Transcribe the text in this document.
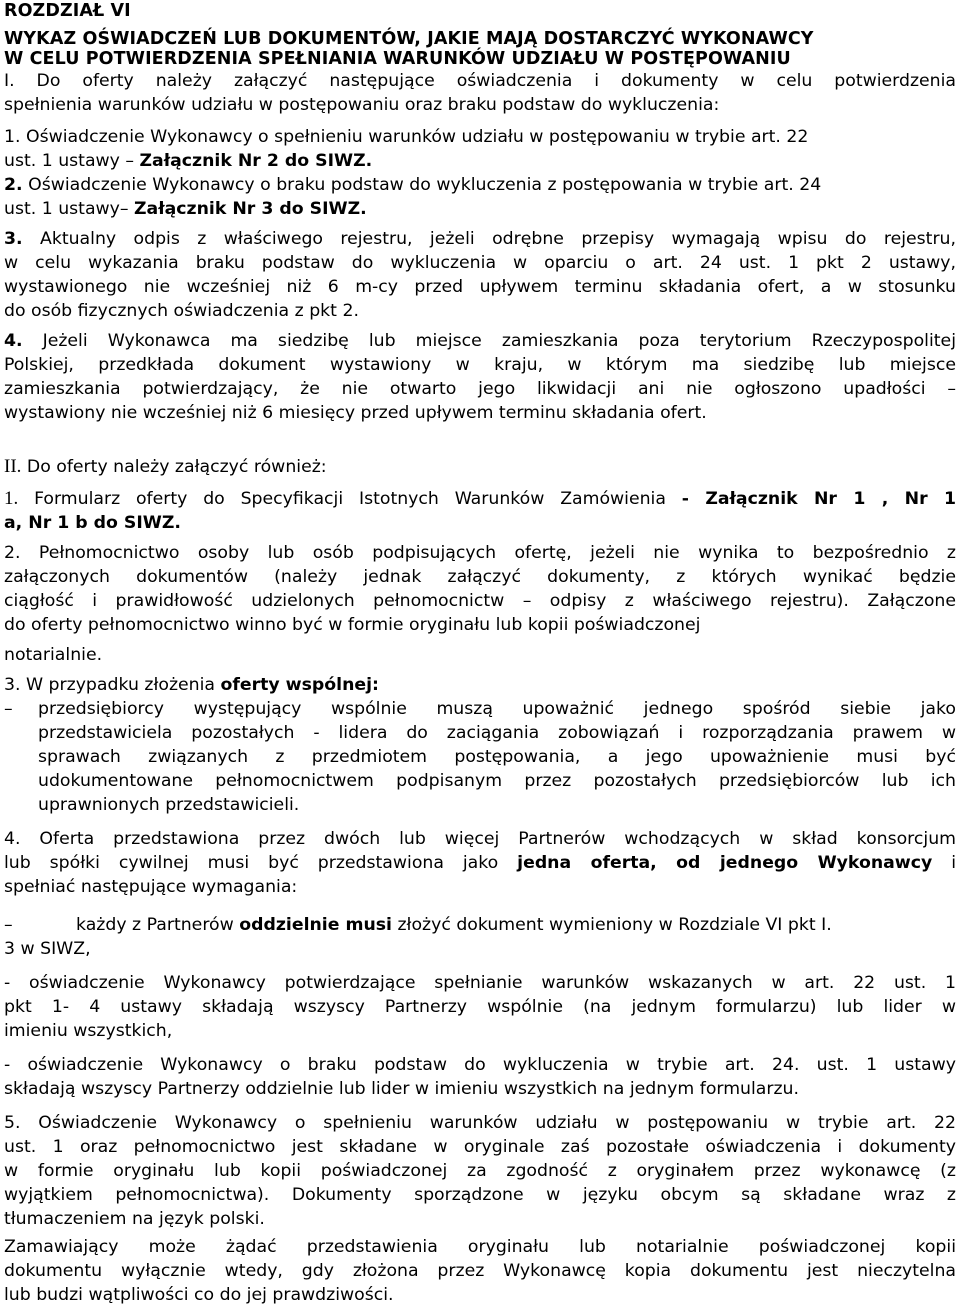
ROZDZIAŁ VI
WYKAZ OŚWIADCZEŃ LUB DOKUMENTÓW, JAKIE MAJĄ DOSTARCZYĆ WYKONAWCY
W CELU POTWIERDZENIA SPEŁNIANIA WARUNKÓW UDZIAŁU W POSTĘPOWANIU
I. Do oferty należy załączyć następujące oświadczenia i dokumenty w celu potwierdzenia
spełnienia warunków udziału w postępowaniu oraz braku podstaw do wykluczenia:
1. Oświadczenie Wykonawcy o spełnieniu warunków udziału w postępowaniu w trybie art. 22
ust. 1 ustawy – Załącznik Nr 2 do SIWZ.
2. Oświadczenie Wykonawcy o braku podstaw do wykluczenia z postępowania w trybie art. 24
ust. 1 ustawy– Załącznik Nr 3 do SIWZ.
3. Aktualny odpis z właściwego rejestru, jeżeli odrębne przepisy wymagają wpisu do rejestru,
w celu wykazania braku podstaw do wykluczenia w oparciu o art. 24 ust. 1 pkt 2 ustawy,
wystawionego nie wcześniej niż 6 m-cy przed upływem terminu składania ofert, a w stosunku
do osób fizycznych oświadczenia z pkt 2.
4. Jeżeli Wykonawca ma siedzibę lub miejsce zamieszkania poza terytorium Rzeczypospolitej
Polskiej, przedkłada dokument wystawiony w kraju, w którym ma siedzibę lub miejsce
zamieszkania potwierdzający, że nie otwarto jego likwidacji ani nie ogłoszono upadłości –
wystawiony nie wcześniej niż 6 miesięcy przed upływem terminu składania ofert.
II. Do oferty należy załączyć również:
1. Formularz oferty do Specyfikacji Istotnych Warunków Zamówienia - Załącznik Nr 1 , Nr 1
a, Nr 1 b do SIWZ.
2. Pełnomocnictwo osoby lub osób podpisujących ofertę, jeżeli nie wynika to bezpośrednio z
załączonych dokumentów (należy jednak załączyć dokumenty, z których wynikać będzie
ciągłość i prawidłowość udzielonych pełnomocnictw – odpisy z właściwego rejestru). Załączone
do oferty pełnomocnictwo winno być w formie oryginału lub kopii poświadczonej
notarialnie.
3. W przypadku złożenia oferty wspólnej:
– przedsiębiorcy występujący wspólnie muszą upoważnić jednego spośród siebie jako
przedstawiciela pozostałych - lidera do zaciągania zobowiązań i rozporządzania prawem w
sprawach związanych z przedmiotem postępowania, a jego upoważnienie musi być
udokumentowane pełnomocnictwem podpisanym przez pozostałych przedsiębiorców lub ich
uprawnionych przedstawicieli.
4. Oferta przedstawiona przez dwóch lub więcej Partnerów wchodzących w skład konsorcjum
lub spółki cywilnej musi być przedstawiona jako jedna oferta, od jednego Wykonawcy i
spełniać następujące wymagania:
–	każdy z Partnerów oddzielnie musi złożyć dokument wymieniony w Rozdziale VI pkt I.
3 w SIWZ,
- oświadczenie Wykonawcy potwierdzające spełnianie warunków wskazanych w art. 22 ust. 1
pkt 1- 4 ustawy składają wszyscy Partnerzy wspólnie (na jednym formularzu) lub lider w
imieniu wszystkich,
- oświadczenie Wykonawcy o braku podstaw do wykluczenia w trybie art. 24. ust. 1 ustawy
składają wszyscy Partnerzy oddzielnie lub lider w imieniu wszystkich na jednym formularzu.
5. Oświadczenie Wykonawcy o spełnieniu warunków udziału w postępowaniu w trybie art. 22
ust. 1 oraz pełnomocnictwo jest składane w oryginale zaś pozostałe oświadczenia i dokumenty
w formie oryginału lub kopii poświadczonej za zgodność z oryginałem przez wykonawcę (z
wyjątkiem pełnomocnictwa). Dokumenty sporządzone w języku obcym są składane wraz z
tłumaczeniem na język polski.
Zamawiający może żądać przedstawienia oryginału lub notarialnie poświadczonej kopii
dokumentu wyłącznie wtedy, gdy złożona przez Wykonawcę kopia dokumentu jest nieczytelna
lub budzi wątpliwości co do jej prawdziwości.
